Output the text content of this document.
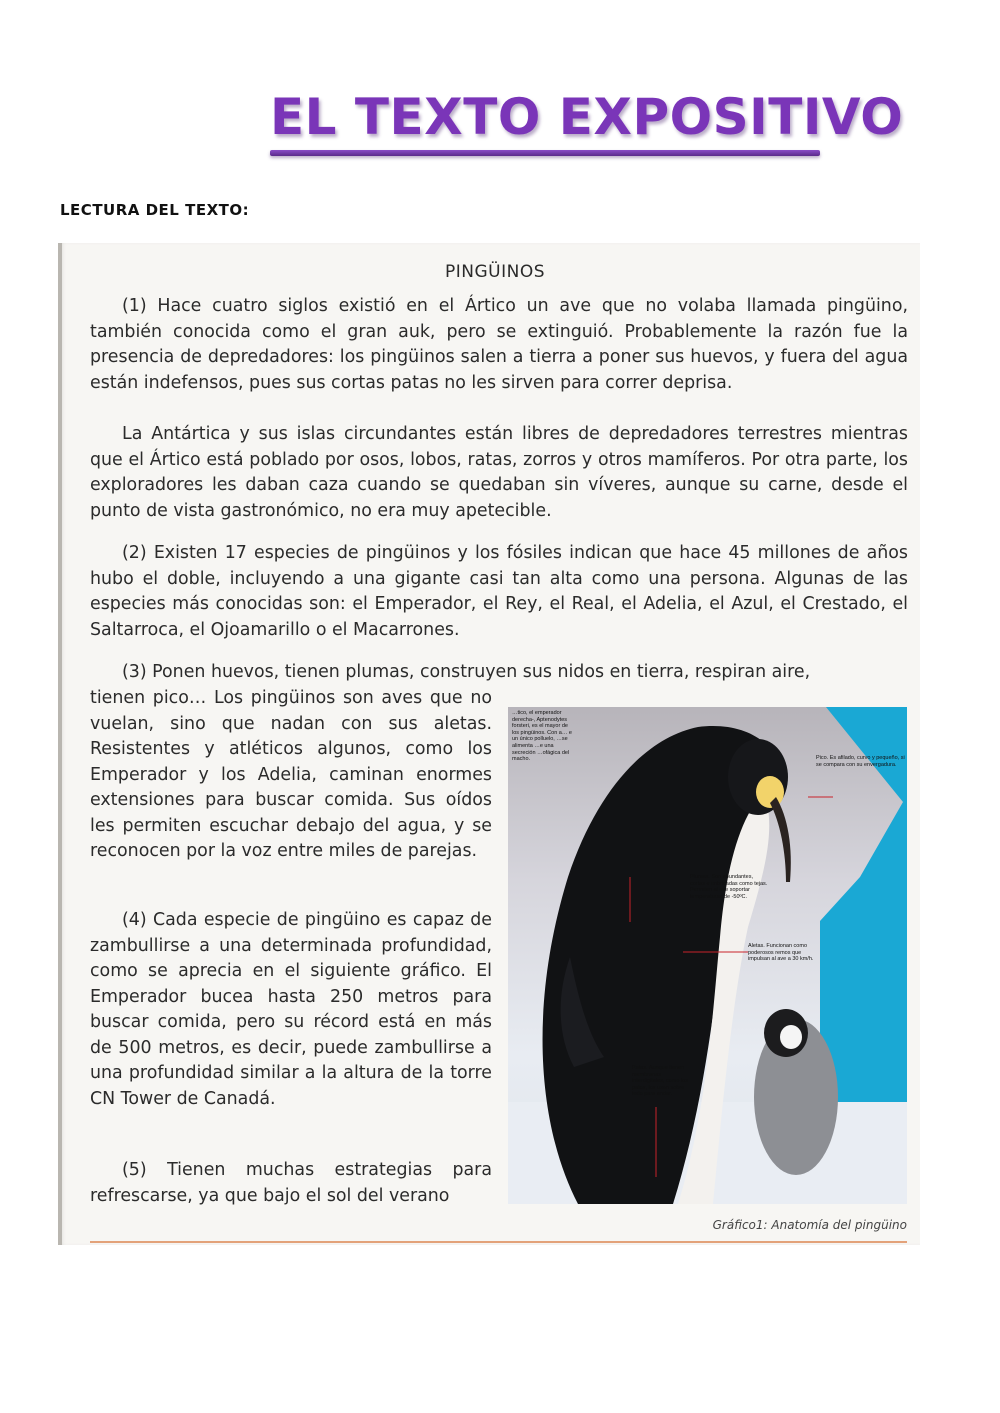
EL TEXTO EXPOSITIVO
LECTURA DEL TEXTO:
PINGÜINOS

(1) Hace cuatro siglos existió en el Ártico un ave que no volaba llamada pingüino, también conocida como el gran auk, pero se extinguió. Probablemente la razón fue la presencia de depredadores: los pingüinos salen a tierra a poner sus huevos, y fuera del agua están indefensos, pues sus cortas patas no les sirven para correr deprisa.

La Antártica y sus islas circundantes están libres de depredadores terrestres mientras que el Ártico está poblado por osos, lobos, ratas, zorros y otros mamíferos. Por otra parte, los exploradores les daban caza cuando se quedaban sin víveres, aunque su carne, desde el punto de vista gastronómico, no era muy apetecible.

(2) Existen 17 especies de pingüinos y los fósiles indican que hace 45 millones de años hubo el doble, incluyendo a una gigante casi tan alta como una persona. Algunas de las especies más conocidas son: el Emperador, el Rey, el Real, el Adelia, el Azul, el Crestado, el Saltarroca, el Ojoamarillo o el Macarrones.

(3) Ponen huevos, tienen plumas, construyen sus nidos en tierra, respiran aire,

tienen pico… Los pingüinos son aves que no vuelan, sino que nadan con sus aletas. Resistentes y atléticos algunos, como los Emperador y los Adelia, caminan enormes extensiones para buscar comida. Sus oídos les permiten escuchar debajo del agua, y se reconocen por la voz entre miles de parejas.

(4) Cada especie de pingüino es capaz de zambullirse a una determinada profundidad, como se aprecia en el siguiente gráfico. El Emperador bucea hasta 250 metros para buscar comida, pero su récord está en más de 500 metros, es decir, puede zambullirse a una profundidad similar a la altura de la torre CN Tower de Canadá.

(5) Tienen muchas estrategias para refrescarse, ya que bajo el sol del verano

…tico, el emperador derecha-, Aptenodytes forsteri, es el mayor de los pingüinos. Con a… e un único polluelo, …se alimenta …e una secreción …ofágica del macho.	Pico. Es afilado, curvo y pequeño, si se compara con su envergadura.
Plumas. Son abundantes, cortas e imbricadas como tejas. Permiten al ave soportar temperaturas de -50ºC.
Aletas. Funcionan como poderosos remos que impulsan al ave a 30 km/h.
Patas. Aunque tienen membranas interdigitales, como los patos, los usan sobre todo para andar.
Gráfico1: Anatomía del pingüino
